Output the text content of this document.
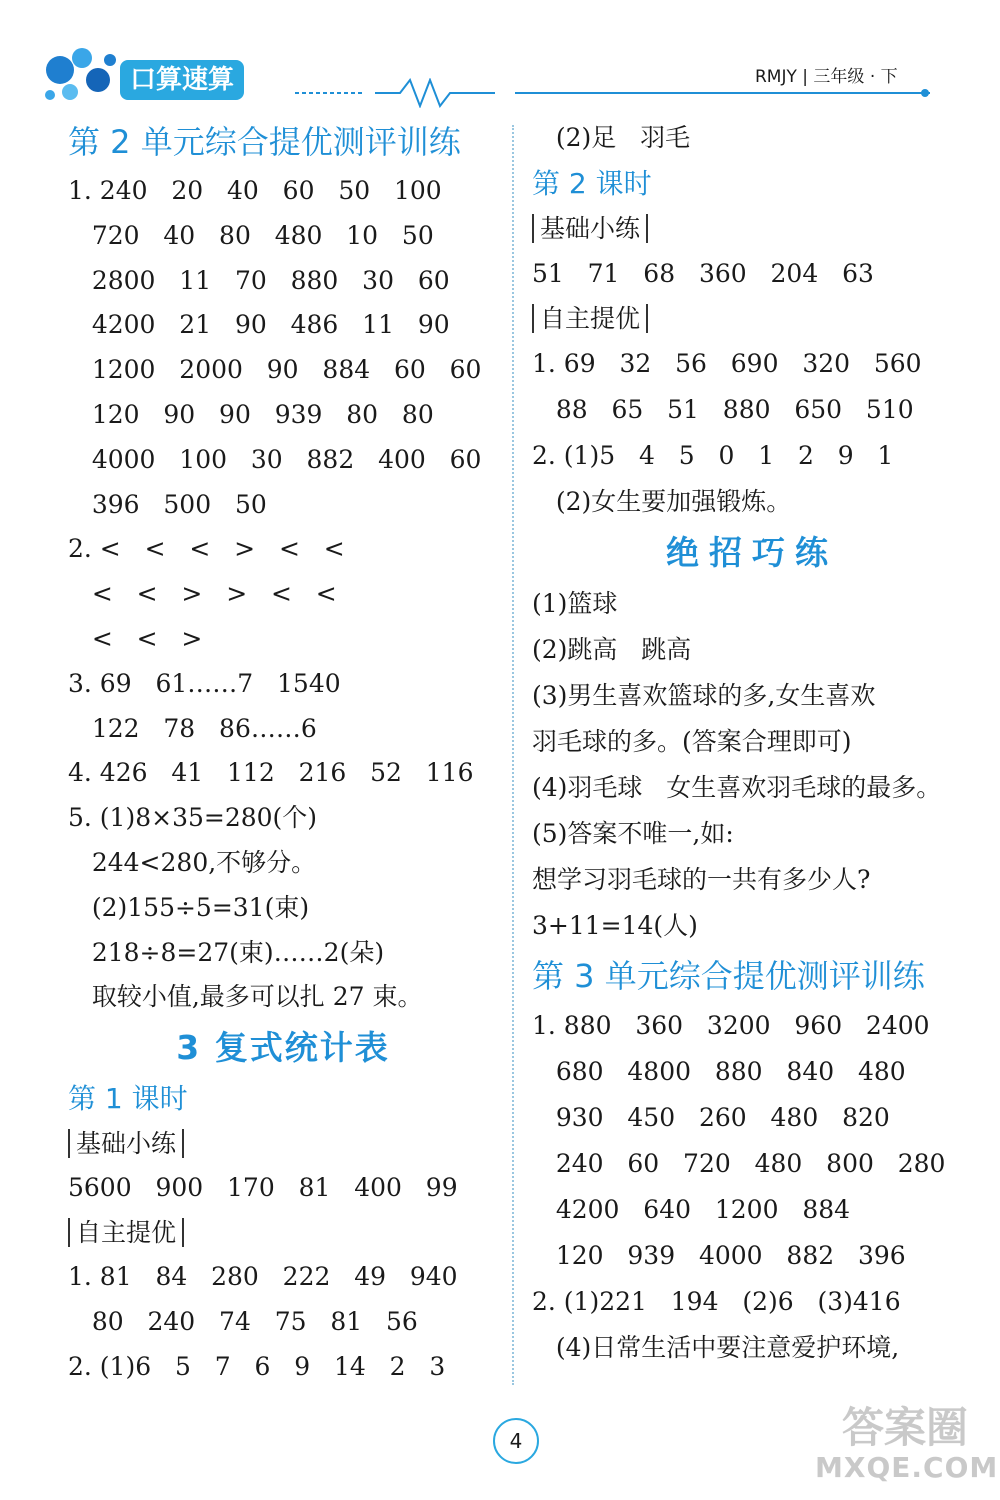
口算速算	RMJY | 三年级 · 下
第 2 单元综合提优测评训练
1. 240   20   40   60   50   100
720   40   80   480   10   50
2800   11   70   880   30   60
4200   21   90   486   11   90
1200   2000   90   884   60   60
120   90   90   939   80   80
4000   100   30   882   400   60
396   500   50
2. <   <   <   >   <   <
<   <   >   >   <   <
<   <   >
3. 69   61……7   1540
122   78   86……6
4. 426   41   112   216   52   116
5. (1)8×35=280(个)
244<280,不够分。
(2)155÷5=31(束)
218÷8=27(束)……2(朵)
取较小值,最多可以扎 27 束。
3 复式统计表
第 1 课时
基础小练
5600   900   170   81   400   99
自主提优
1. 81   84   280   222   49   940
80   240   74   75   81   56
2. (1)6   5   7   6   9   14   2   3
(2)足   羽毛
第 2 课时
基础小练
51   71   68   360   204   63
自主提优
1. 69   32   56   690   320   560
88   65   51   880   650   510
2. (1)5   4   5   0   1   2   9   1
(2)女生要加强锻炼。
绝招巧练
(1)篮球
(2)跳高   跳高
(3)男生喜欢篮球的多,女生喜欢
羽毛球的多。(答案合理即可)
(4)羽毛球   女生喜欢羽毛球的最多。
(5)答案不唯一,如:
想学习羽毛球的一共有多少人?
3+11=14(人)
第 3 单元综合提优测评训练
1. 880   360   3200   960   2400
680   4800   880   840   480
930   450   260   480   820
240   60   720   480   800   280
4200   640   1200   884
120   939   4000   882   396
2. (1)221   194   (2)6   (3)416
(4)日常生活中要注意爱护环境,
4	答案圈
MXQE.COM
